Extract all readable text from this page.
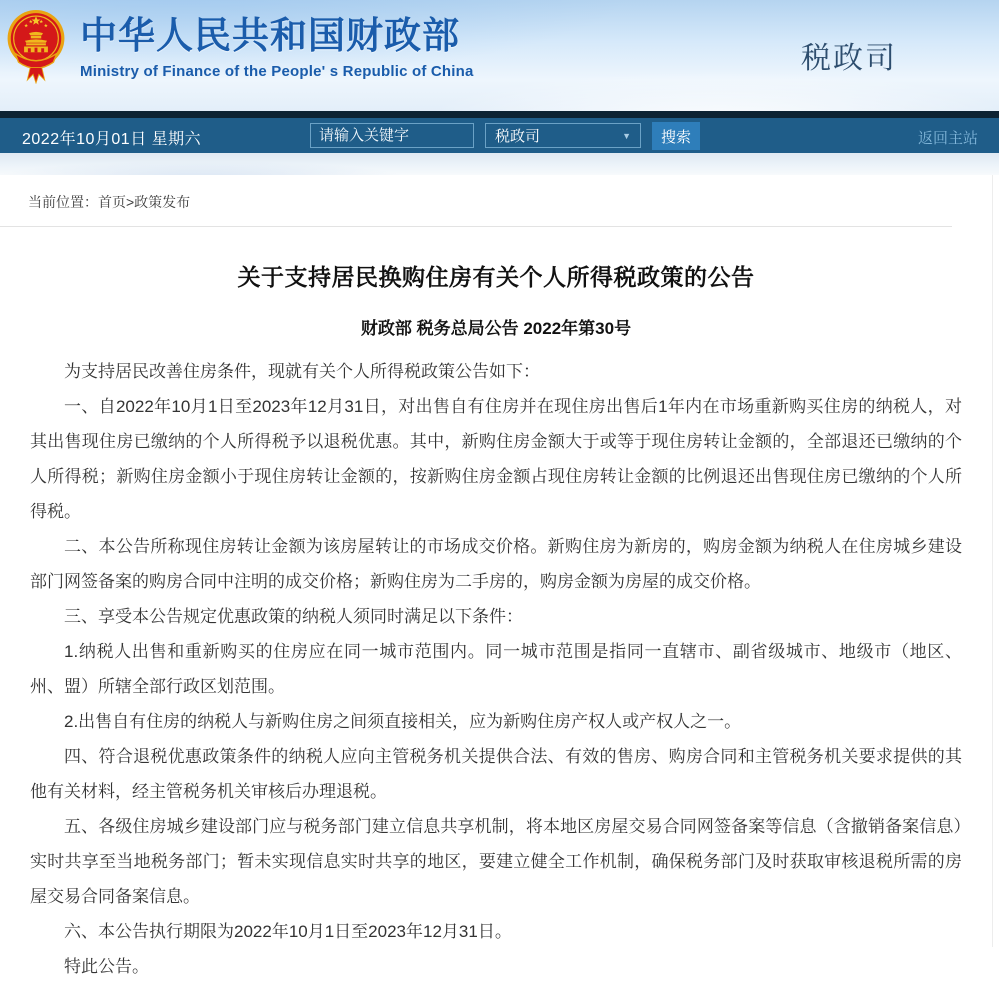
中华人民共和国财政部
Ministry of Finance of the People' s Republic of China	税政司
2022年10月01日 星期六
请输入关键字	税政司	▼	搜索	返回主站
当前位置：首页>政策发布
关于支持居民换购住房有关个人所得税政策的公告
财政部 税务总局公告 2022年第30号

为支持居民改善住房条件，现就有关个人所得税政策公告如下：

一、自2022年10月1日至2023年12月31日，对出售自有住房并在现住房出售后1年内在市场重新购买住房的纳税人，对其出售现住房已缴纳的个人所得税予以退税优惠。其中，新购住房金额大于或等于现住房转让金额的，全部退还已缴纳的个人所得税；新购住房金额小于现住房转让金额的，按新购住房金额占现住房转让金额的比例退还出售现住房已缴纳的个人所得税。

二、本公告所称现住房转让金额为该房屋转让的市场成交价格。新购住房为新房的，购房金额为纳税人在住房城乡建设部门网签备案的购房合同中注明的成交价格；新购住房为二手房的，购房金额为房屋的成交价格。

三、享受本公告规定优惠政策的纳税人须同时满足以下条件：

1.纳税人出售和重新购买的住房应在同一城市范围内。同一城市范围是指同一直辖市、副省级城市、地级市（地区、州、盟）所辖全部行政区划范围。

2.出售自有住房的纳税人与新购住房之间须直接相关，应为新购住房产权人或产权人之一。

四、符合退税优惠政策条件的纳税人应向主管税务机关提供合法、有效的售房、购房合同和主管税务机关要求提供的其他有关材料，经主管税务机关审核后办理退税。

五、各级住房城乡建设部门应与税务部门建立信息共享机制，将本地区房屋交易合同网签备案等信息（含撤销备案信息）实时共享至当地税务部门；暂未实现信息实时共享的地区，要建立健全工作机制，确保税务部门及时获取审核退税所需的房屋交易合同备案信息。

六、本公告执行期限为2022年10月1日至2023年12月31日。

特此公告。
